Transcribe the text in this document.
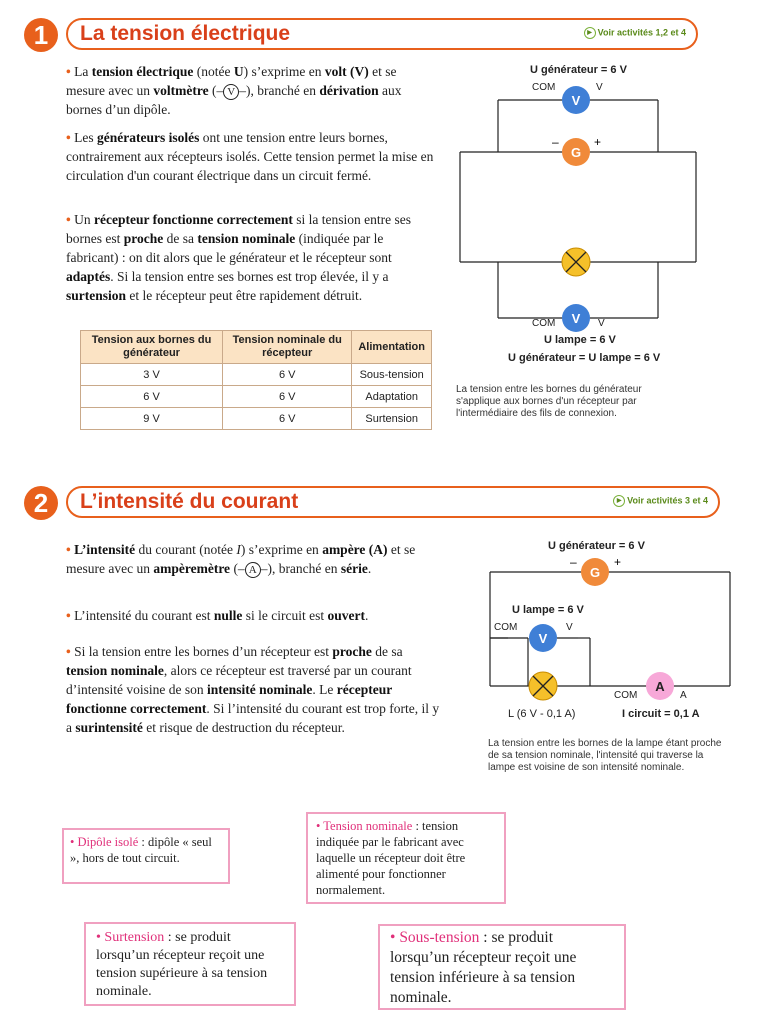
1	La tension électrique	▶ Voir activités 1,2 et 4
• La tension électrique (notée U) s’exprime en volt (V) et se mesure avec un voltmètre (– V –), branché en dérivation aux bornes d’un dipôle.
• Les générateurs isolés ont une tension entre leurs bornes, contrairement aux récepteurs isolés. Cette tension permet la mise en circulation d'un courant électrique dans un circuit fermé.
• Un récepteur fonctionne correctement si la tension entre ses bornes est proche de sa tension nominale (indiquée par le fabricant) : on dit alors que le générateur et le récepteur sont adaptés. Si la tension entre ses bornes est trop élevée, il y a surtension et le récepteur peut être rapidement détruit.
Tension aux bornes du générateur	Tension nominale du récepteur	Alimentation
3 V	6 V	Sous-tension
6 V	6 V	Adaptation
9 V	6 V	Surtension
V
G
–	+
V
U générateur = 6 V
COM	V
COM	V
U lampe = 6 V
U générateur = U lampe = 6 V
La tension entre les bornes du générateur s'applique aux bornes d'un récepteur par l'intermédiaire des fils de connexion.
2	L’intensité du courant	▶ Voir activités 3 et 4
• L’intensité du courant (notée I) s’exprime en ampère (A) et se mesure avec un ampèremètre (– A –), branché en série.
• L’intensité du courant est nulle si le circuit est ouvert.
• Si la tension entre les bornes d’un récepteur est proche de sa tension nominale, alors ce récepteur est traversé par un courant d’intensité voisine de son intensité nominale. Le récepteur fonctionne correctement. Si l’intensité du courant est trop forte, il y a surintensité et risque de destruction du récepteur.
G
–	+
V
A
U générateur = 6 V
U lampe = 6 V
COM	V
COM	A
L (6 V - 0,1 A)	I circuit = 0,1 A
La tension entre les bornes de la lampe étant proche de sa tension nominale, l'intensité qui traverse la lampe est voisine de son intensité nominale.
• Dipôle isolé : dipôle « seul », hors de tout circuit.
• Tension nominale : tension indiquée par le fabricant avec laquelle un récepteur doit être alimenté pour fonctionner normalement.
• Surtension : se produit lorsqu’un récepteur reçoit une tension supérieure à sa tension nominale.
• Sous-tension : se produit lorsqu’un récepteur reçoit une tension inférieure à sa tension nominale.
